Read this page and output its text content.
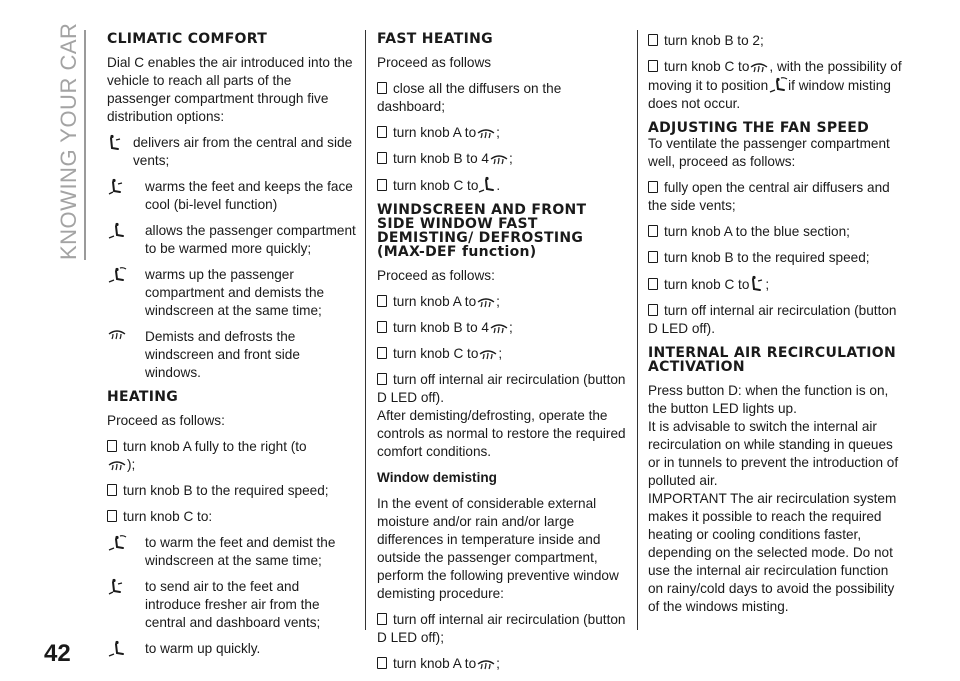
KNOWING YOUR CAR
42
CLIMATIC COMFORT

Dial C enables the air introduced into the vehicle to reach all parts of the passenger compartment through five distribution options:

delivers air from the central and side vents;
warms the feet and keeps the face cool (bi-level function)
allows the passenger compartment to be warmed more quickly;
warms up the passenger compartment and demists the windscreen at the same time;
Demists and defrosts the windscreen and front side windows.
HEATING

Proceed as follows:

turn knob A fully to the right (to

);
turn knob B to the required speed;
turn knob C to:
to warm the feet and demist the windscreen at the same time;
to send air to the feet and introduce fresher air from the central and dashboard vents;
to warm up quickly.
FAST HEATING

Proceed as follows

close all the diffusers on the dashboard;
turn knob A to ;
turn knob B to 4 ;
turn knob C to .
WINDSCREEN AND FRONT SIDE WINDOW FAST DEMISTING/ DEFROSTING (MAX-DEF function)

Proceed as follows:

turn knob A to ;
turn knob B to 4 ;
turn knob C to ;
turn off internal air recirculation (button D LED off).

After demisting/defrosting, operate the controls as normal to restore the required comfort conditions.

Window demisting

In the event of considerable external moisture and/or rain and/or large differences in temperature inside and outside the passenger compartment, perform the following preventive window demisting procedure:

turn off internal air recirculation (button D LED off);
turn knob A to ;
turn knob B to 2;
turn knob C to , with the possibility of moving it to position if window misting does not occur.
ADJUSTING THE FAN SPEED

To ventilate the passenger compartment well, proceed as follows:

fully open the central air diffusers and the side vents;
turn knob A to the blue section;
turn knob B to the required speed;
turn knob C to ;
turn off internal air recirculation (button D LED off).
INTERNAL AIR RECIRCULATION ACTIVATION

Press button D: when the function is on, the button LED lights up.

It is advisable to switch the internal air recirculation on while standing in queues or in tunnels to prevent the introduction of polluted air.

IMPORTANT The air recirculation system makes it possible to reach the required heating or cooling conditions faster, depending on the selected mode. Do not use the internal air recirculation function on rainy/cold days to avoid the possibility of the windows misting.
